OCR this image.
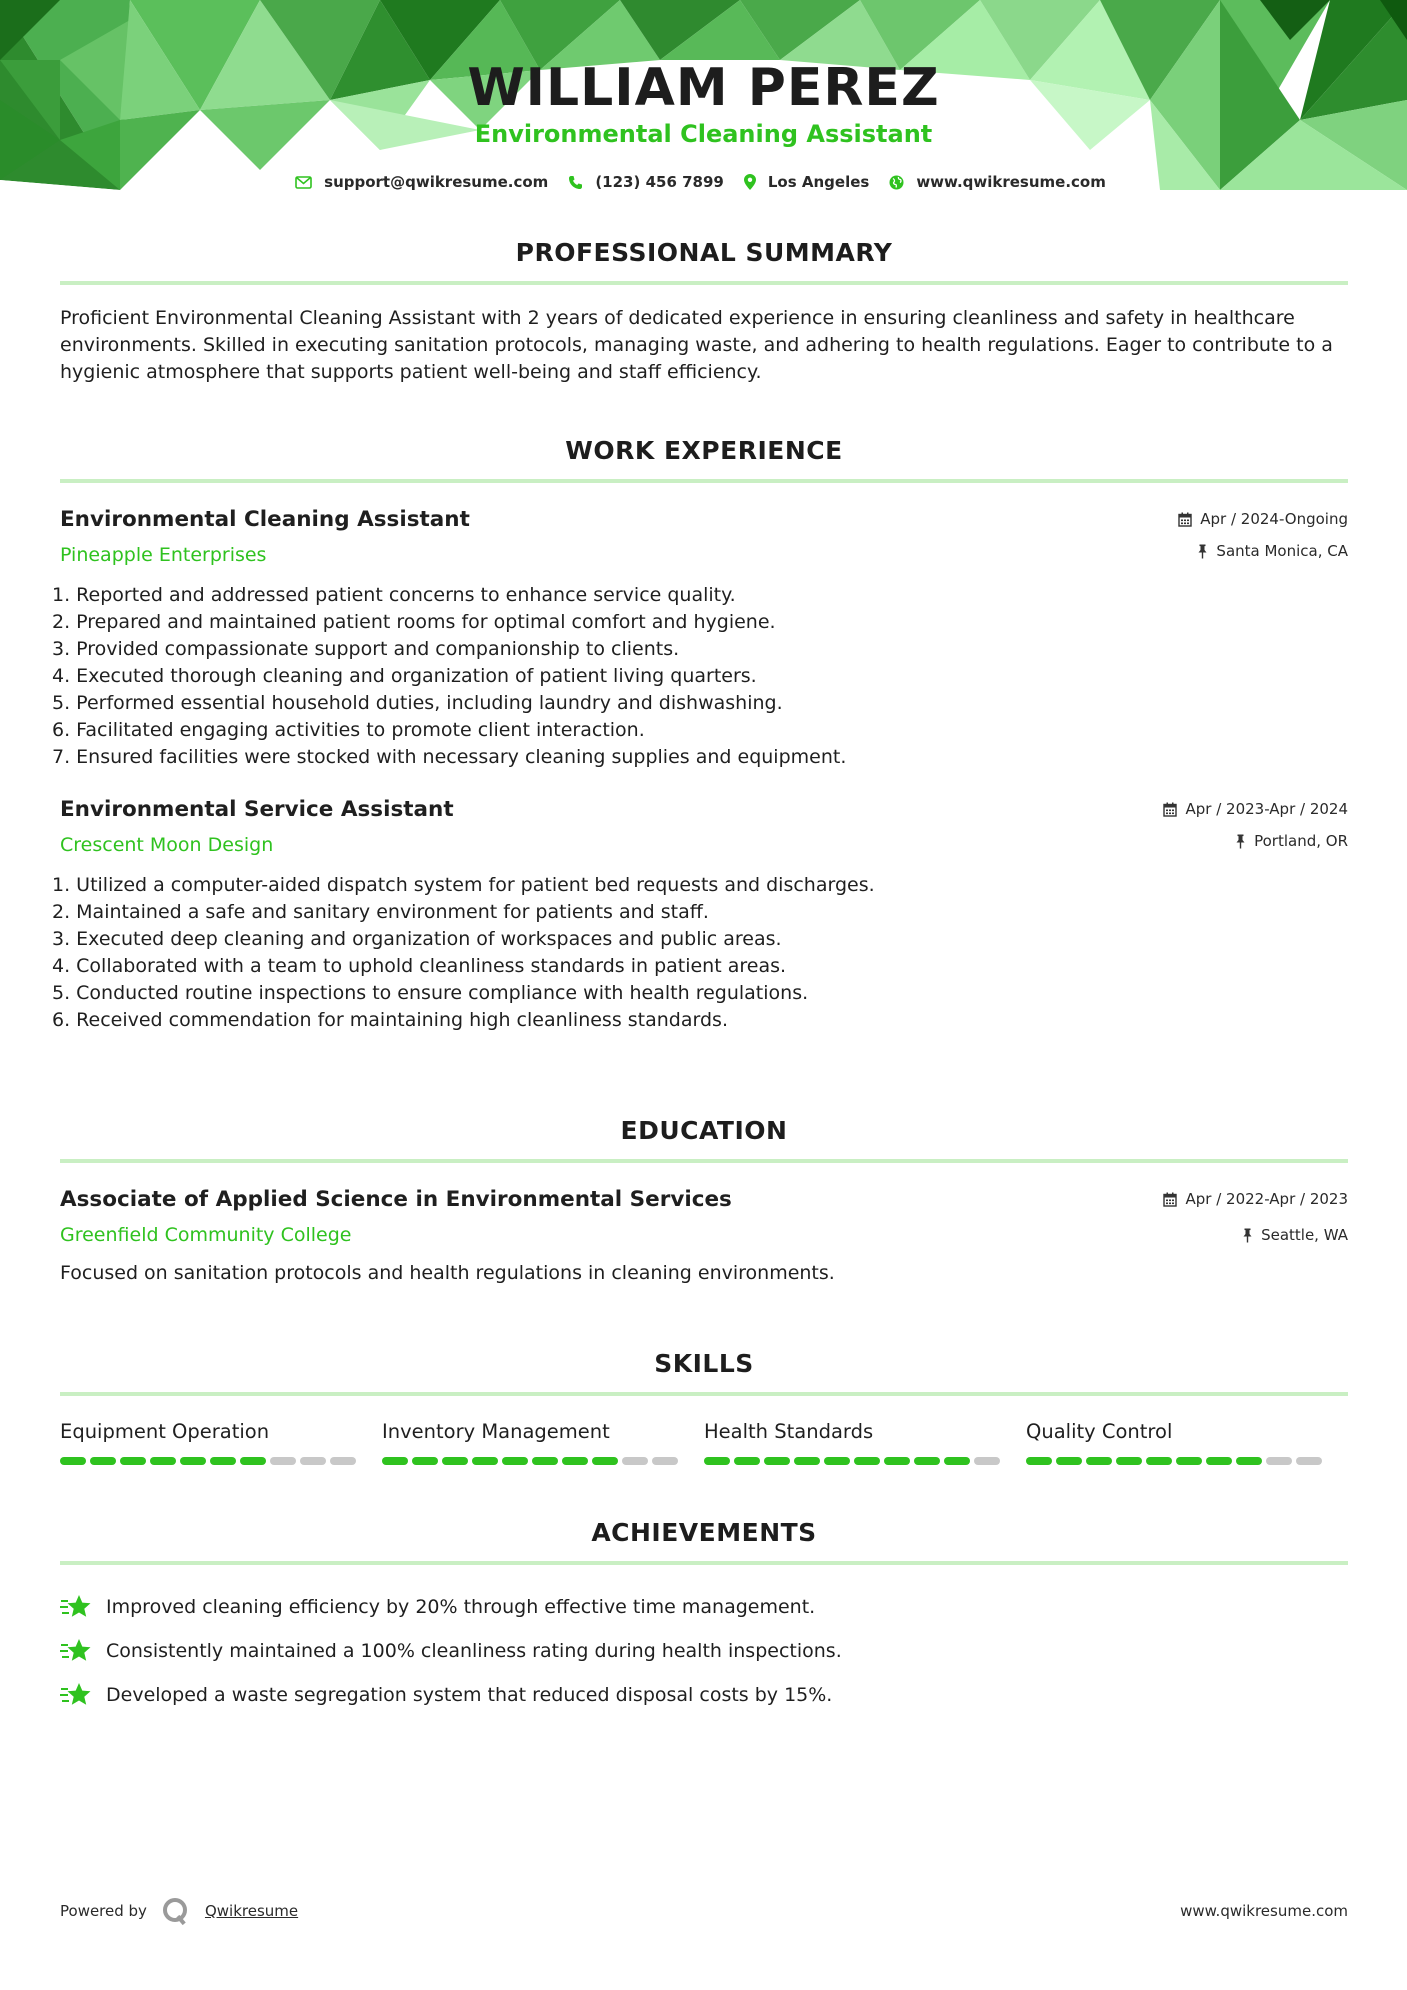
WILLIAM PEREZ
Environmental Cleaning Assistant
support@qwikresume.com	(123) 456 7899	Los Angeles	www.qwikresume.com
PROFESSIONAL SUMMARY

Proficient Environmental Cleaning Assistant with 2 years of dedicated experience in ensuring cleanliness and safety in healthcare environments. Skilled in executing sanitation protocols, managing waste, and adhering to health regulations. Eager to contribute to a hygienic atmosphere that supports patient well-being and staff efficiency.

WORK EXPERIENCE
Environmental Cleaning Assistant
Pineapple Enterprises
Apr / 2024-Ongoing
Santa Monica, CA
1. Reported and addressed patient concerns to enhance service quality.
2. Prepared and maintained patient rooms for optimal comfort and hygiene.
3. Provided compassionate support and companionship to clients.
4. Executed thorough cleaning and organization of patient living quarters.
5. Performed essential household duties, including laundry and dishwashing.
6. Facilitated engaging activities to promote client interaction.
7. Ensured facilities were stocked with necessary cleaning supplies and equipment.
Environmental Service Assistant
Crescent Moon Design
Apr / 2023-Apr / 2024
Portland, OR
1. Utilized a computer-aided dispatch system for patient bed requests and discharges.
2. Maintained a safe and sanitary environment for patients and staff.
3. Executed deep cleaning and organization of workspaces and public areas.
4. Collaborated with a team to uphold cleanliness standards in patient areas.
5. Conducted routine inspections to ensure compliance with health regulations.
6. Received commendation for maintaining high cleanliness standards.
EDUCATION
Associate of Applied Science in Environmental Services
Greenfield Community College
Apr / 2022-Apr / 2023
Seattle, WA

Focused on sanitation protocols and health regulations in cleaning environments.

SKILLS
Equipment Operation	Inventory Management	Health Standards	Quality Control
ACHIEVEMENTS
Improved cleaning efficiency by 20% through effective time management.
Consistently maintained a 100% cleanliness rating during health inspections.
Developed a waste segregation system that reduced disposal costs by 15%.
Powered by	Qwikresume	www.qwikresume.com
